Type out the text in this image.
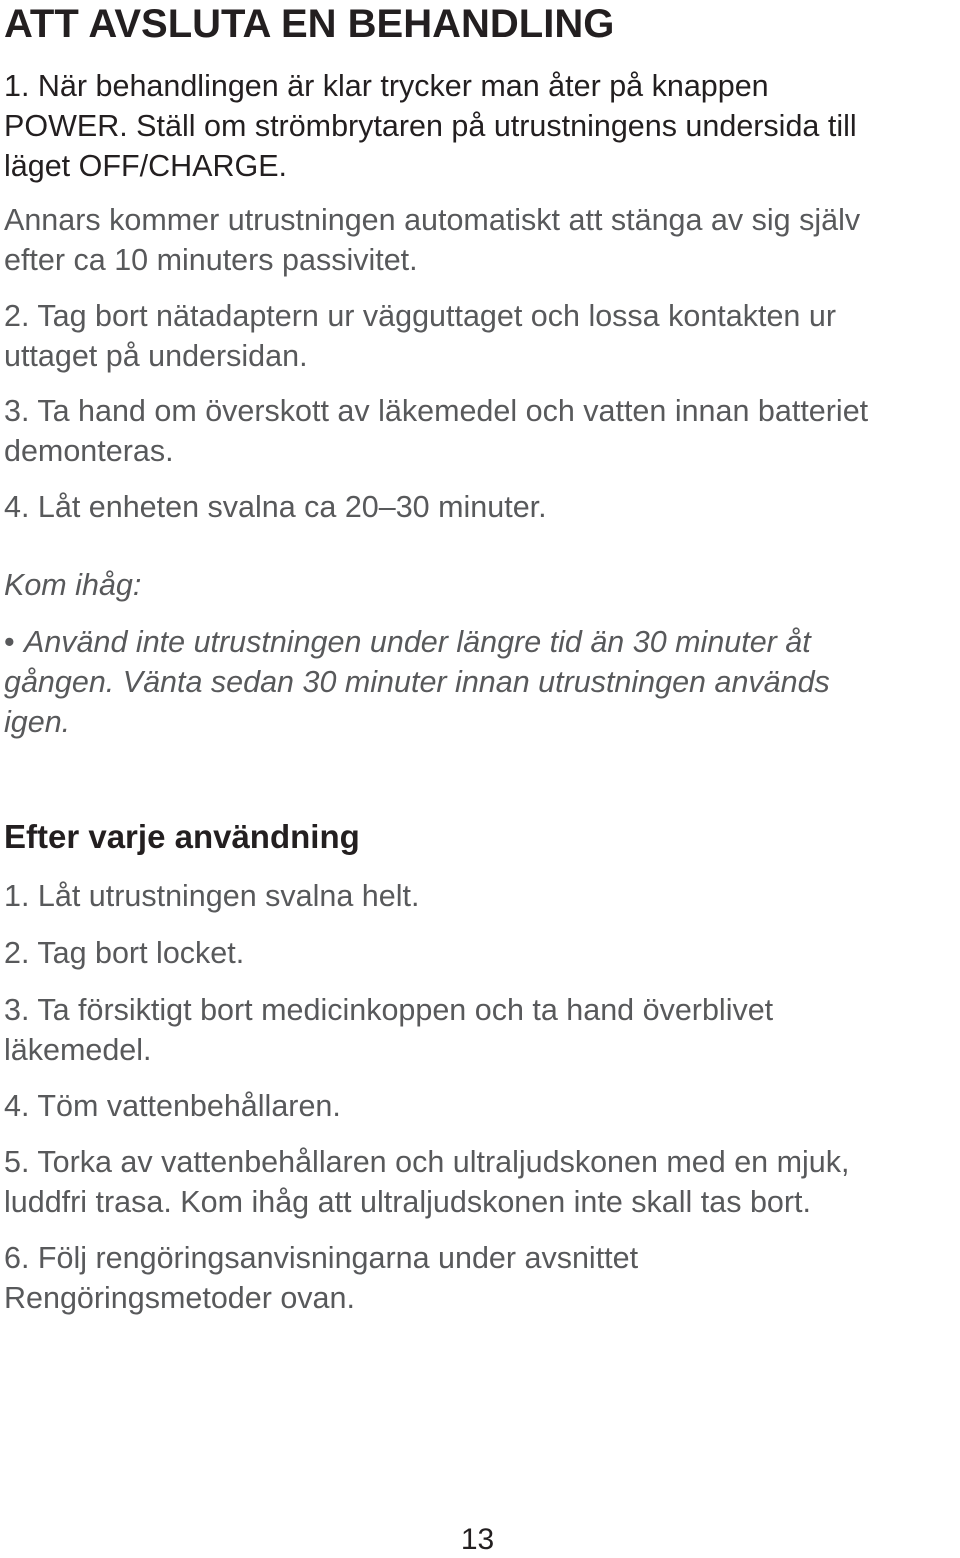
ATT AVSLUTA EN BEHANDLING
1. När behandlingen är klar trycker man åter på knappen
POWER. Ställ om strömbrytaren på utrustningens undersida till
läget OFF/CHARGE.
Annars kommer utrustningen automatiskt att stänga av sig själv
efter ca 10 minuters passivitet.
2. Tag bort nätadaptern ur vägguttaget och lossa kontakten ur
uttaget på undersidan.
3. Ta hand om överskott av läkemedel och vatten innan batteriet
demonteras.
4. Låt enheten svalna ca 20–30 minuter.
Kom ihåg:
• Använd inte utrustningen under längre tid än 30 minuter åt
gången. Vänta sedan 30 minuter innan utrustningen används
igen.
Efter varje användning
1. Låt utrustningen svalna helt.
2. Tag bort locket.
3. Ta försiktigt bort medicinkoppen och ta hand överblivet
läkemedel.
4. Töm vattenbehållaren.
5. Torka av vattenbehållaren och ultraljudskonen med en mjuk,
luddfri trasa. Kom ihåg att ultraljudskonen inte skall tas bort.
6. Följ rengöringsanvisningarna under avsnittet
Rengöringsmetoder ovan.
13
